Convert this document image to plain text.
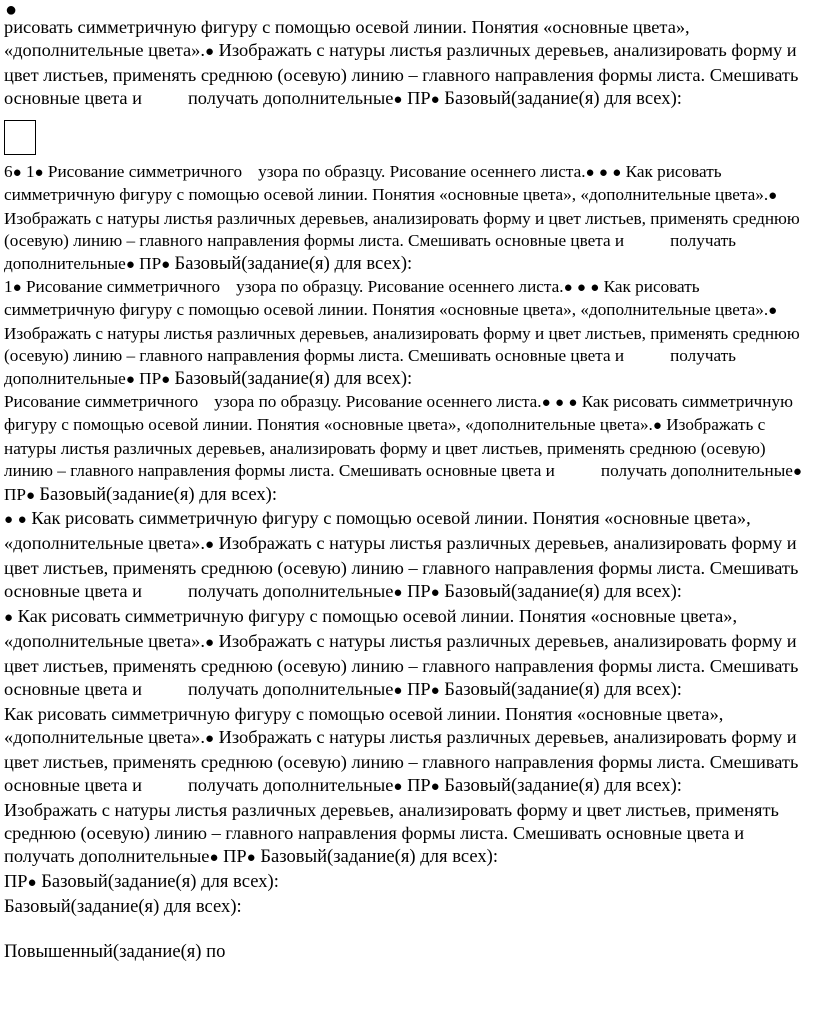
●

рисовать симметричную фигуру с помощью осевой линии. Понятия «основные цвета», «дополнительные цвета».● Изображать с натуры листья различных деревьев, анализировать форму и цвет листьев, применять среднюю (осевую) линию – главного направления формы листа. Смешивать основные цвета и	получать дополнительные● ПР● Базовый(задание(я) для всех):

6● 1● Рисование симметричного узора по образцу. Рисование осеннего листа.● ● ● Как рисовать симметричную фигуру с помощью осевой линии. Понятия «основные цвета», «дополнительные цвета».● Изображать с натуры листья различных деревьев, анализировать форму и цвет листьев, применять среднюю (осевую) линию – главного направления формы листа. Смешивать основные цвета и	получать дополнительные● ПР● Базовый(задание(я) для всех):

1● Рисование симметричного узора по образцу. Рисование осеннего листа.● ● ● Как рисовать симметричную фигуру с помощью осевой линии. Понятия «основные цвета», «дополнительные цвета».● Изображать с натуры листья различных деревьев, анализировать форму и цвет листьев, применять среднюю (осевую) линию – главного направления формы листа. Смешивать основные цвета и	получать дополнительные● ПР● Базовый(задание(я) для всех):

Рисование симметричного узора по образцу. Рисование осеннего листа.● ● ● Как рисовать симметричную фигуру с помощью осевой линии. Понятия «основные цвета», «дополнительные цвета».● Изображать с натуры листья различных деревьев, анализировать форму и цвет листьев, применять среднюю (осевую) линию – главного направления формы листа. Смешивать основные цвета и	получать дополнительные● ПР● Базовый(задание(я) для всех):

● ● Как рисовать симметричную фигуру с помощью осевой линии. Понятия «основные цвета», «дополнительные цвета».● Изображать с натуры листья различных деревьев, анализировать форму и цвет листьев, применять среднюю (осевую) линию – главного направления формы листа. Смешивать основные цвета и	получать дополнительные● ПР● Базовый(задание(я) для всех):

● Как рисовать симметричную фигуру с помощью осевой линии. Понятия «основные цвета», «дополнительные цвета».● Изображать с натуры листья различных деревьев, анализировать форму и цвет листьев, применять среднюю (осевую) линию – главного направления формы листа. Смешивать основные цвета и	получать дополнительные● ПР● Базовый(задание(я) для всех):

Как рисовать симметричную фигуру с помощью осевой линии. Понятия «основные цвета», «дополнительные цвета».● Изображать с натуры листья различных деревьев, анализировать форму и цвет листьев, применять среднюю (осевую) линию – главного направления формы листа. Смешивать основные цвета и	получать дополнительные● ПР● Базовый(задание(я) для всех):

Изображать с натуры листья различных деревьев, анализировать форму и цвет листьев, применять среднюю (осевую) линию – главного направления формы листа. Смешивать основные цвета и получать дополнительные● ПР● Базовый(задание(я) для всех):

ПР● Базовый(задание(я) для всех):

Базовый(задание(я) для всех):

Повышенный(задание(я) по
